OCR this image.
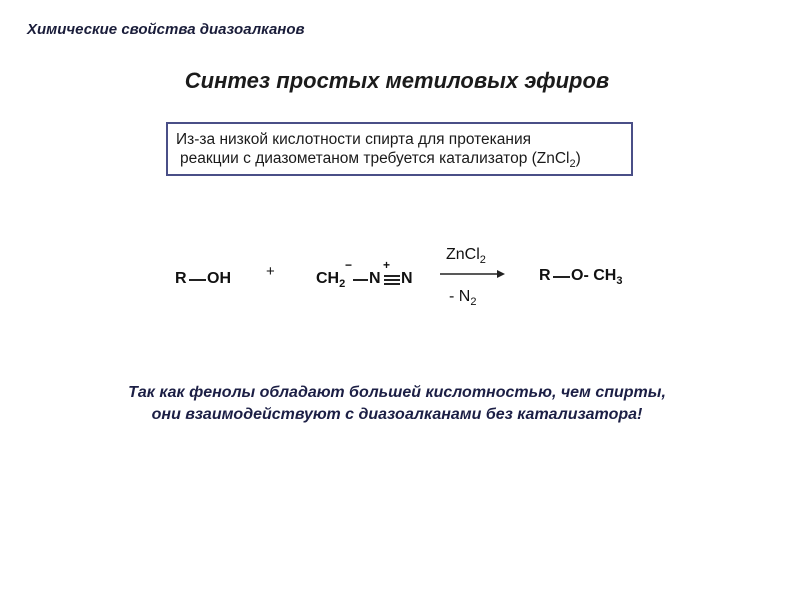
Химические свойства диазоалканов
Синтез простых метиловых эфиров
Из-за низкой кислотности спирта для протекания
реакции с диазометаном требуется катализатор (ZnCl$_2$)
R OH +	$CH_2$
−
N
+
N
ZnCl$_2$
- $N_2$
R O- $CH_3$
Так как фенолы обладают большей кислотностью, чем спирты,
они взаимодействуют с диазоалканами без катализатора!
